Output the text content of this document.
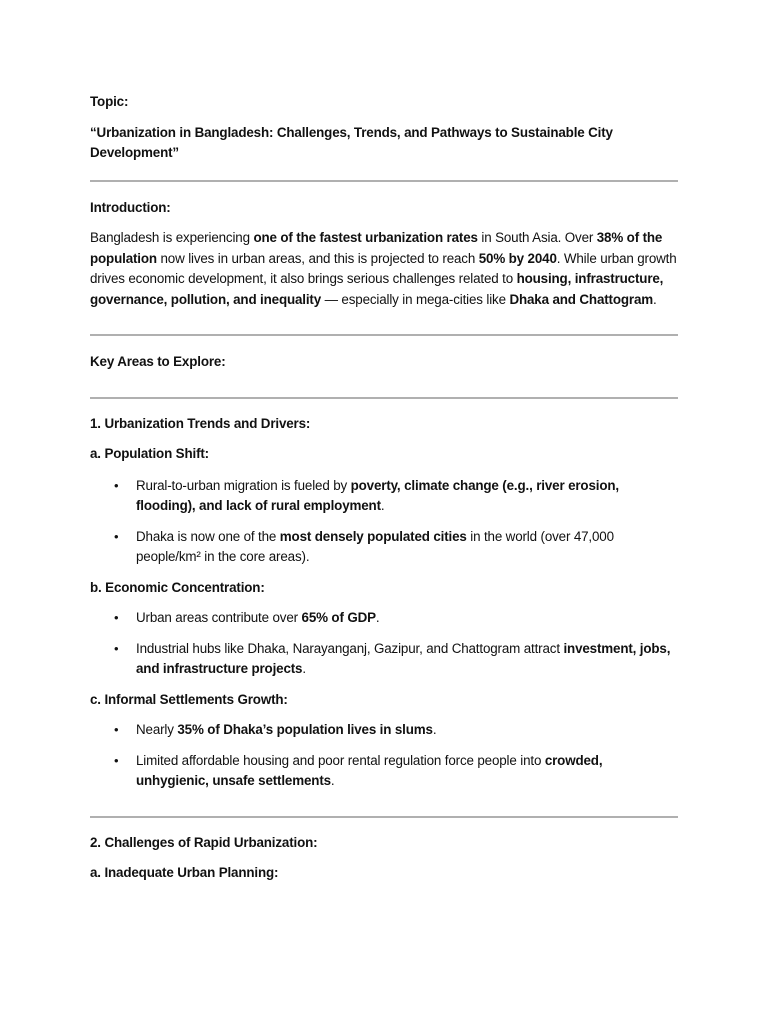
Topic:

“Urbanization in Bangladesh: Challenges, Trends, and Pathways to Sustainable City Development”

Introduction:

Bangladesh is experiencing one of the fastest urbanization rates in South Asia. Over 38% of the population now lives in urban areas, and this is projected to reach 50% by 2040. While urban growth drives economic development, it also brings serious challenges related to housing, infrastructure, governance, pollution, and inequality — especially in mega-cities like Dhaka and Chattogram.

Key Areas to Explore:

1. Urbanization Trends and Drivers:

a. Population Shift:

• Rural-to-urban migration is fueled by poverty, climate change (e.g., river erosion, flooding), and lack of rural employment.
• Dhaka is now one of the most densely populated cities in the world (over 47,000 people/km² in the core areas).

b. Economic Concentration:

• Urban areas contribute over 65% of GDP.
• Industrial hubs like Dhaka, Narayanganj, Gazipur, and Chattogram attract investment, jobs, and infrastructure projects.

c. Informal Settlements Growth:

• Nearly 35% of Dhaka’s population lives in slums.
• Limited affordable housing and poor rental regulation force people into crowded, unhygienic, unsafe settlements.

2. Challenges of Rapid Urbanization:

a. Inadequate Urban Planning:
